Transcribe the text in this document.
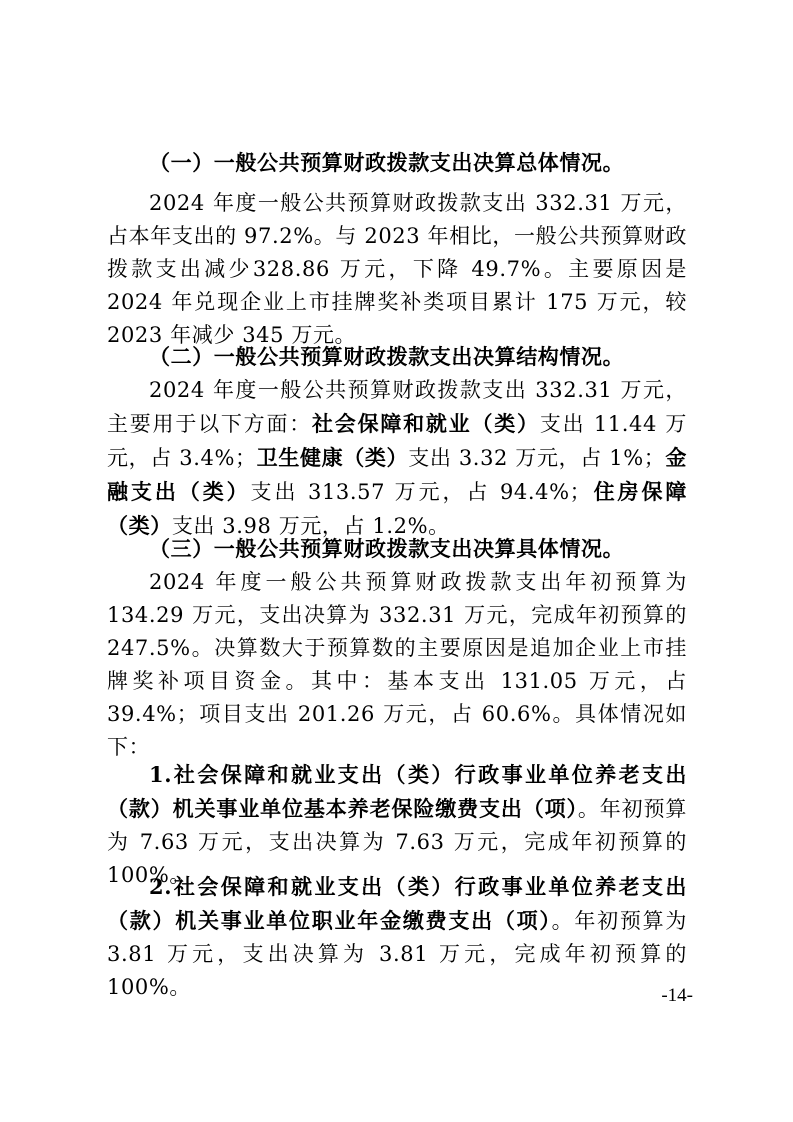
（一）一般公共预算财政拨款支出决算总体情况。
2024 年度一般公共预算财政拨款支出 332.31 万元，占本年支出的 97.2%。与 2023 年相比，一般公共预算财政拨款支出减少328.86 万元，下降 49.7%。主要原因是 2024 年兑现企业上市挂牌奖补类项目累计 175 万元，较 2023 年减少 345 万元。
（二）一般公共预算财政拨款支出决算结构情况。
2024 年度一般公共预算财政拨款支出 332.31 万元，主要用于以下方面：社会保障和就业（类）支出 11.44 万元，占 3.4%；卫生健康（类）支出 3.32 万元，占 1%；金融支出（类）支出 313.57 万元，占 94.4%；住房保障（类）支出 3.98 万元，占 1.2%。
（三）一般公共预算财政拨款支出决算具体情况。
2024 年度一般公共预算财政拨款支出年初预算为 134.29 万元，支出决算为 332.31 万元，完成年初预算的 247.5%。决算数大于预算数的主要原因是追加企业上市挂牌奖补项目资金。其中：基本支出 131.05 万元，占 39.4%；项目支出 201.26 万元，占 60.6%。具体情况如下：
1.社会保障和就业支出（类）行政事业单位养老支出（款）机关事业单位基本养老保险缴费支出（项）。年初预算为 7.63 万元，支出决算为 7.63 万元，完成年初预算的 100%。
2.社会保障和就业支出（类）行政事业单位养老支出（款）机关事业单位职业年金缴费支出（项）。年初预算为 3.81 万元，支出决算为 3.81 万元，完成年初预算的 100%。	-14-
